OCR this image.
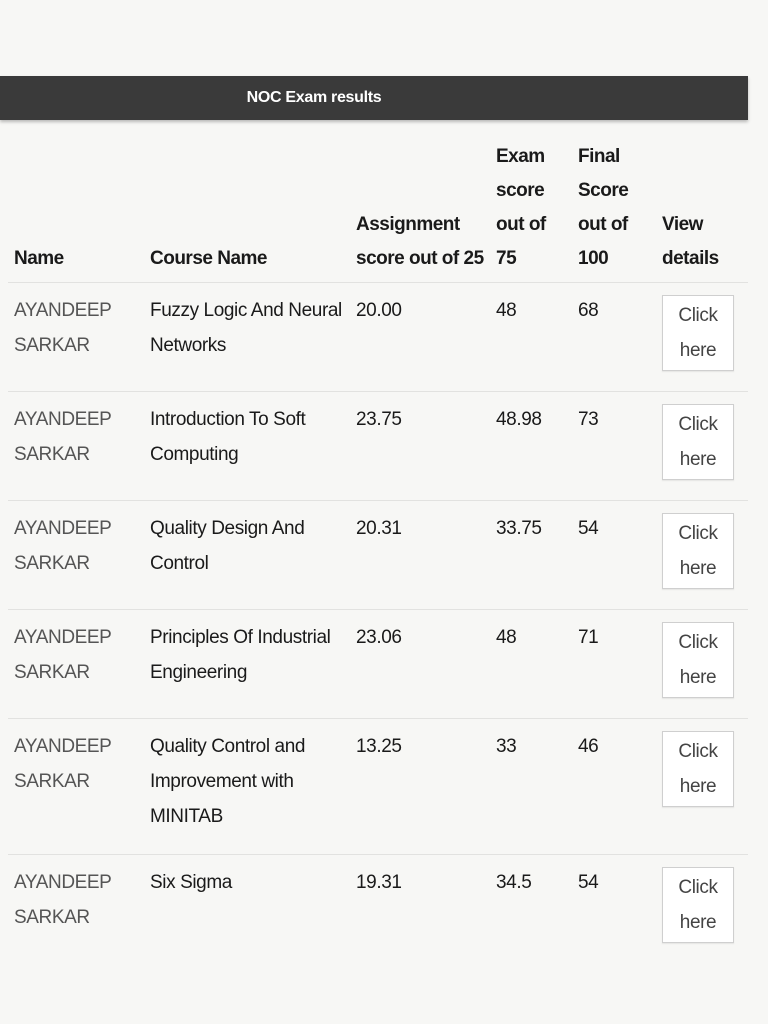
NOC Exam results
Name	Course Name	Assignment score out of 25	Exam score out of 75	Final Score out of 100	View details
AYANDEEP SARKAR	Fuzzy Logic And Neural Networks	20.00	48	68	Click here

AYANDEEP SARKAR	Introduction To Soft Computing	23.75	48.98	73	Click here

AYANDEEP SARKAR	Quality Design And Control	20.31	33.75	54	Click here

AYANDEEP SARKAR	Principles Of Industrial Engineering	23.06	48	71	Click here

AYANDEEP SARKAR	Quality Control and Improvement with MINITAB	13.25	33	46	Click here

AYANDEEP SARKAR	Six Sigma	19.31	34.5	54	Click here
